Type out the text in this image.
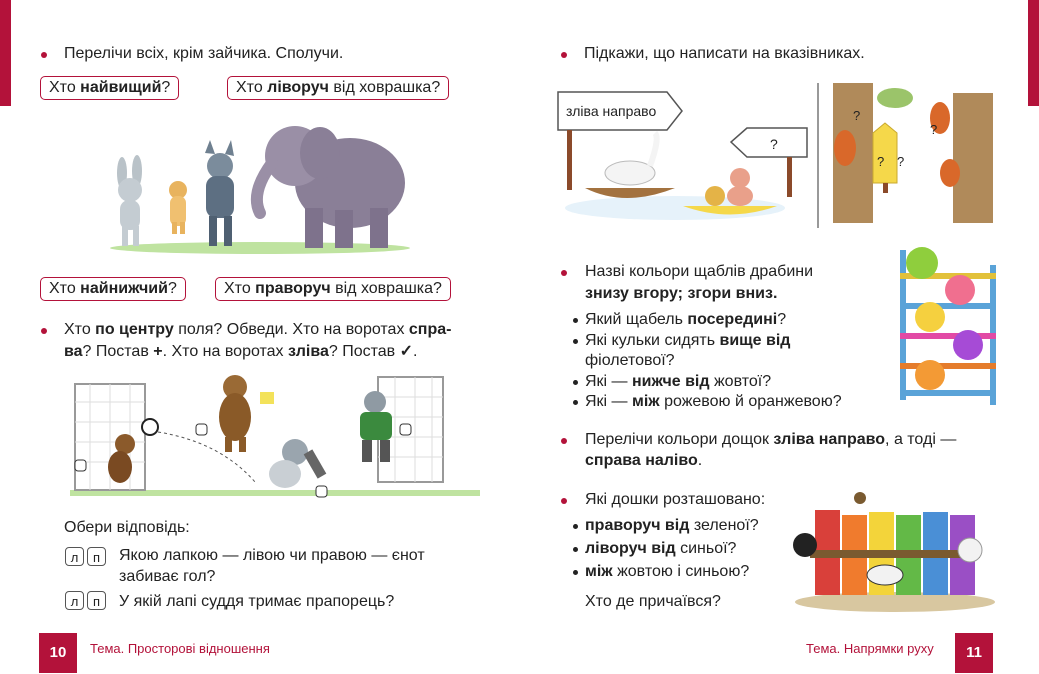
Перелічи всіх, крім зайчика. Сполучи.
Хто найвищий?	Хто ліворуч від ховрашка?
Хто найнижчий?	Хто праворуч від ховрашка?
Хто по центру поля? Обведи. Хто на воротах спра-
ва? Постав +. Хто на воротах зліва? Постав ✓.
Обери відповідь:
л	п	Якою лапкою — лівою чи правою — єнот
забиває гол?
л	п	У якій лапі суддя тримає прапорець?
10	Тема. Просторові відношення
Підкажи, що написати на вказівниках.
?
зліва направо
?
? ?
?
Назві кольори щаблів драбини
знизу вгору; згори вниз.
Який щабель посередині?
Які кульки сидять вище від
фіолетової?
Які — нижче від жовтої?
Які — між рожевою й оранжевою?
Перелічи кольори дощок зліва направо, а тоді —
справа наліво.
Які дошки розташовано:
праворуч від зеленої?
ліворуч від синьої?
між жовтою і синьою?
Хто де причаївся?
11
Тема. Напрямки руху
